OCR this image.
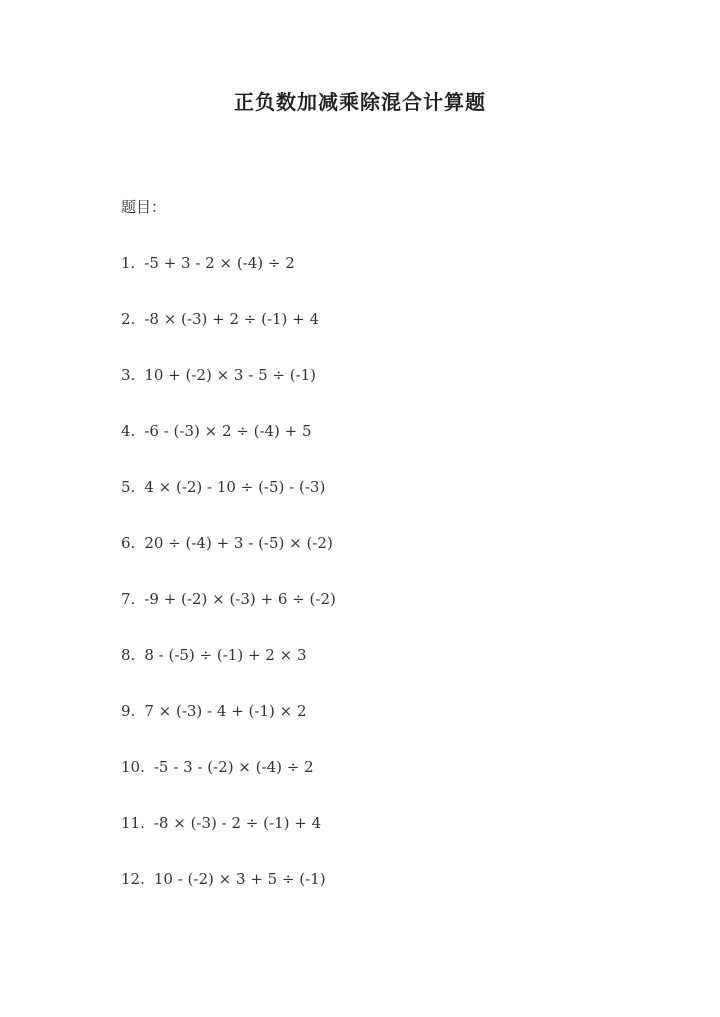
正负数加减乘除混合计算题
题目：
1. -5 + 3 - 2 × (-4) ÷ 2
2. -8 × (-3) + 2 ÷ (-1) + 4
3. 10 + (-2) × 3 - 5 ÷ (-1)
4. -6 - (-3) × 2 ÷ (-4) + 5
5. 4 × (-2) - 10 ÷ (-5) - (-3)
6. 20 ÷ (-4) + 3 - (-5) × (-2)
7. -9 + (-2) × (-3) + 6 ÷ (-2)
8. 8 - (-5) ÷ (-1) + 2 × 3
9. 7 × (-3) - 4 + (-1) × 2
10. -5 - 3 - (-2) × (-4) ÷ 2
11. -8 × (-3) - 2 ÷ (-1) + 4
12. 10 - (-2) × 3 + 5 ÷ (-1)
